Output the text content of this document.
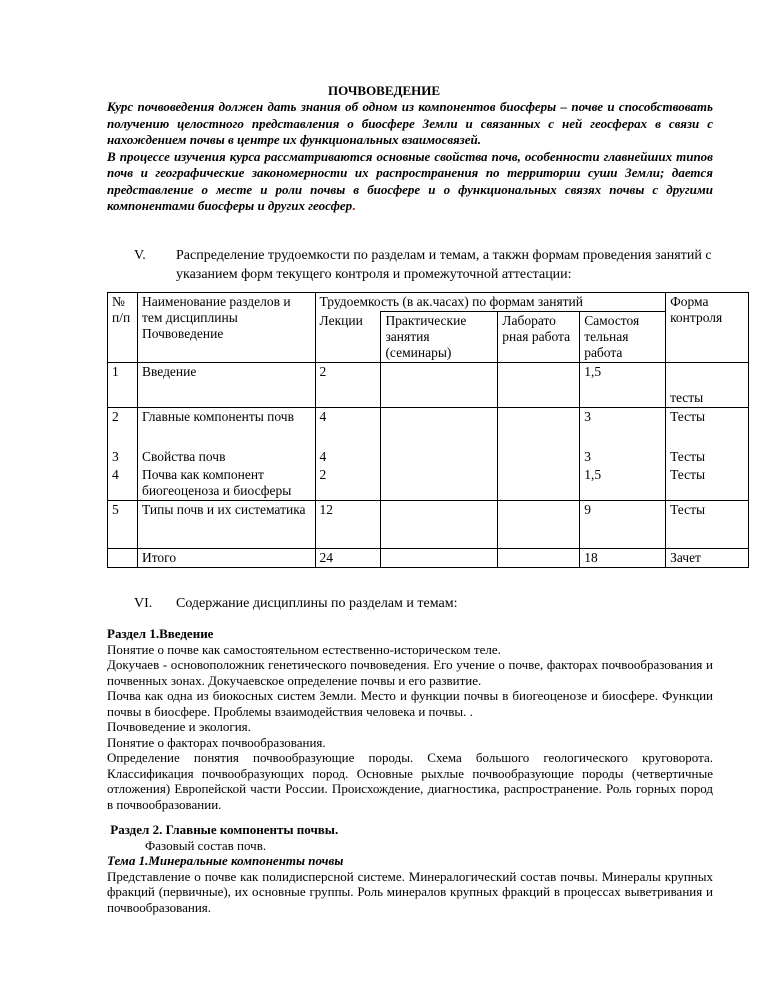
ПОЧВОВЕДЕНИЕ

Курс почвоведения должен дать знания об одном из компонентов биосферы – почве и способствовать получению целостного представления о биосфере Земли и связанных с ней геосферах в связи с нахождением почвы в центре их функциональных взаимосвязей.

В процессе изучения курса рассматриваются основные свойства почв, особенности главнейших типов почв и географические закономерности их распространения по территории суши Земли; дается представление о месте и роли почвы в биосфере и о функциональных связях почвы с другими компонентами биосферы и других геосфер.

V.	Распределение трудоемкости по разделам и темам, а такжн формам проведения занятий с указанием форм текущего контроля и промежуточной аттестации:
№ п/п	Наименование разделов и тем дисциплины Почвоведение	Трудоемкость (в ак.часах) по формам занятий				Форма контроля
		Лекции	Практические занятия (семинары)	Лаборато рная работа	Самостоя тельная работа	
1	Введение	2			1,5	тесты
2	Главные компоненты почв	4			3	Тесты
3	Свойства почв	4			3	Тесты
4	Почва как компонент биогеоценоза и биосферы	2			1,5	Тесты
5	Типы почв и их систематика	12			9	Тесты
	Итого	24			18	Зачет
VI.	Содержание дисциплины по разделам и темам:

Раздел 1.Введение

Понятие о почве как самостоятельном естественно-историческом теле.

Докучаев - основоположник генетического почвоведения. Его учение о почве, факторах почвообразования и почвенных зонах. Докучаевское определение почвы и его развитие.

Почва как одна из биокосных систем Земли. Место и функции почвы в биогеоценозе и биосфере. Функции почвы в биосфере. Проблемы взаимодействия человека и почвы. .

Почвоведение и экология.

Понятие о факторах почвообразования.

Определение понятия почвообразующие породы. Схема большого геологического круговорота. Классификация почвообразующих пород. Основные рыхлые почвообразующие породы (четвертичные отложения) Европейской части России. Происхождение, диагностика, распространение. Роль горных пород в почвообразовании.

Раздел 2. Главные компоненты почвы.

Фазовый состав почв.

Тема 1.Минеральные компоненты почвы

Представление о почве как полидисперсной системе. Минералогический состав почвы. Минералы крупных фракций (первичные), их основные группы. Роль минералов крупных фракций в процессах выветривания и почвообразования.
